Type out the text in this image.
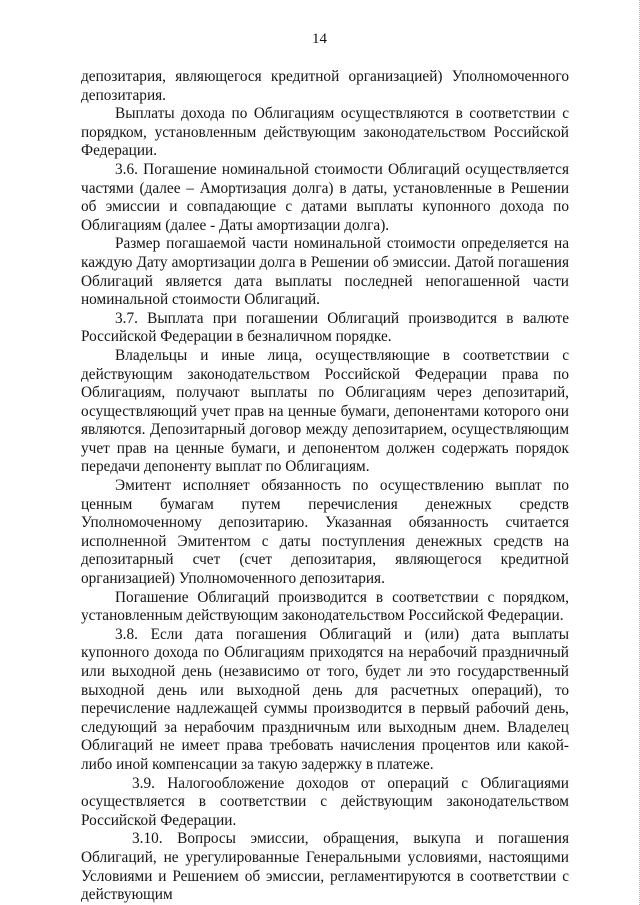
14

депозитария, являющегося кредитной организацией) Уполномоченного депозитария.

Выплаты дохода по Облигациям осуществляются в соответствии с порядком, установленным действующим законодательством Российской Федерации.

3.6. Погашение номинальной стоимости Облигаций осуществляется частями (далее – Амортизация долга) в даты, установленные в Решении об эмиссии и совпадающие с датами выплаты купонного дохода по Облигациям (далее - Даты амортизации долга).

Размер погашаемой части номинальной стоимости определяется на каждую Дату амортизации долга в Решении об эмиссии. Датой погашения Облигаций является дата выплаты последней непогашенной части номинальной стоимости Облигаций.

3.7. Выплата при погашении Облигаций производится в валюте Российской Федерации в безналичном порядке.

Владельцы и иные лица, осуществляющие в соответствии с действующим законодательством Российской Федерации права по Облигациям, получают выплаты по Облигациям через депозитарий, осуществляющий учет прав на ценные бумаги, депонентами которого они являются. Депозитарный договор между депозитарием, осуществляющим учет прав на ценные бумаги, и депонентом должен содержать порядок передачи депоненту выплат по Облигациям.

Эмитент исполняет обязанность по осуществлению выплат по ценным бумагам путем перечисления денежных средств Уполномоченному депозитарию. Указанная обязанность считается исполненной Эмитентом с даты поступления денежных средств на депозитарный счет (счет депозитария, являющегося кредитной организацией) Уполномоченного депозитария.

Погашение Облигаций производится в соответствии с порядком, установленным действующим законодательством Российской Федерации.

3.8. Если дата погашения Облигаций и (или) дата выплаты купонного дохода по Облигациям приходятся на нерабочий праздничный или выходной день (независимо от того, будет ли это государственный выходной день или выходной день для расчетных операций), то перечисление надлежащей суммы производится в первый рабочий день, следующий за нерабочим праздничным или выходным днем. Владелец Облигаций не имеет права требовать начисления процентов или какой-либо иной компенсации за такую задержку в платеже.

3.9. Налогообложение доходов от операций с Облигациями осуществляется в соответствии с действующим законодательством Российской Федерации.

3.10. Вопросы эмиссии, обращения, выкупа и погашения Облигаций, не урегулированные Генеральными условиями, настоящими Условиями и Решением об эмиссии, регламентируются в соответствии с действующим
